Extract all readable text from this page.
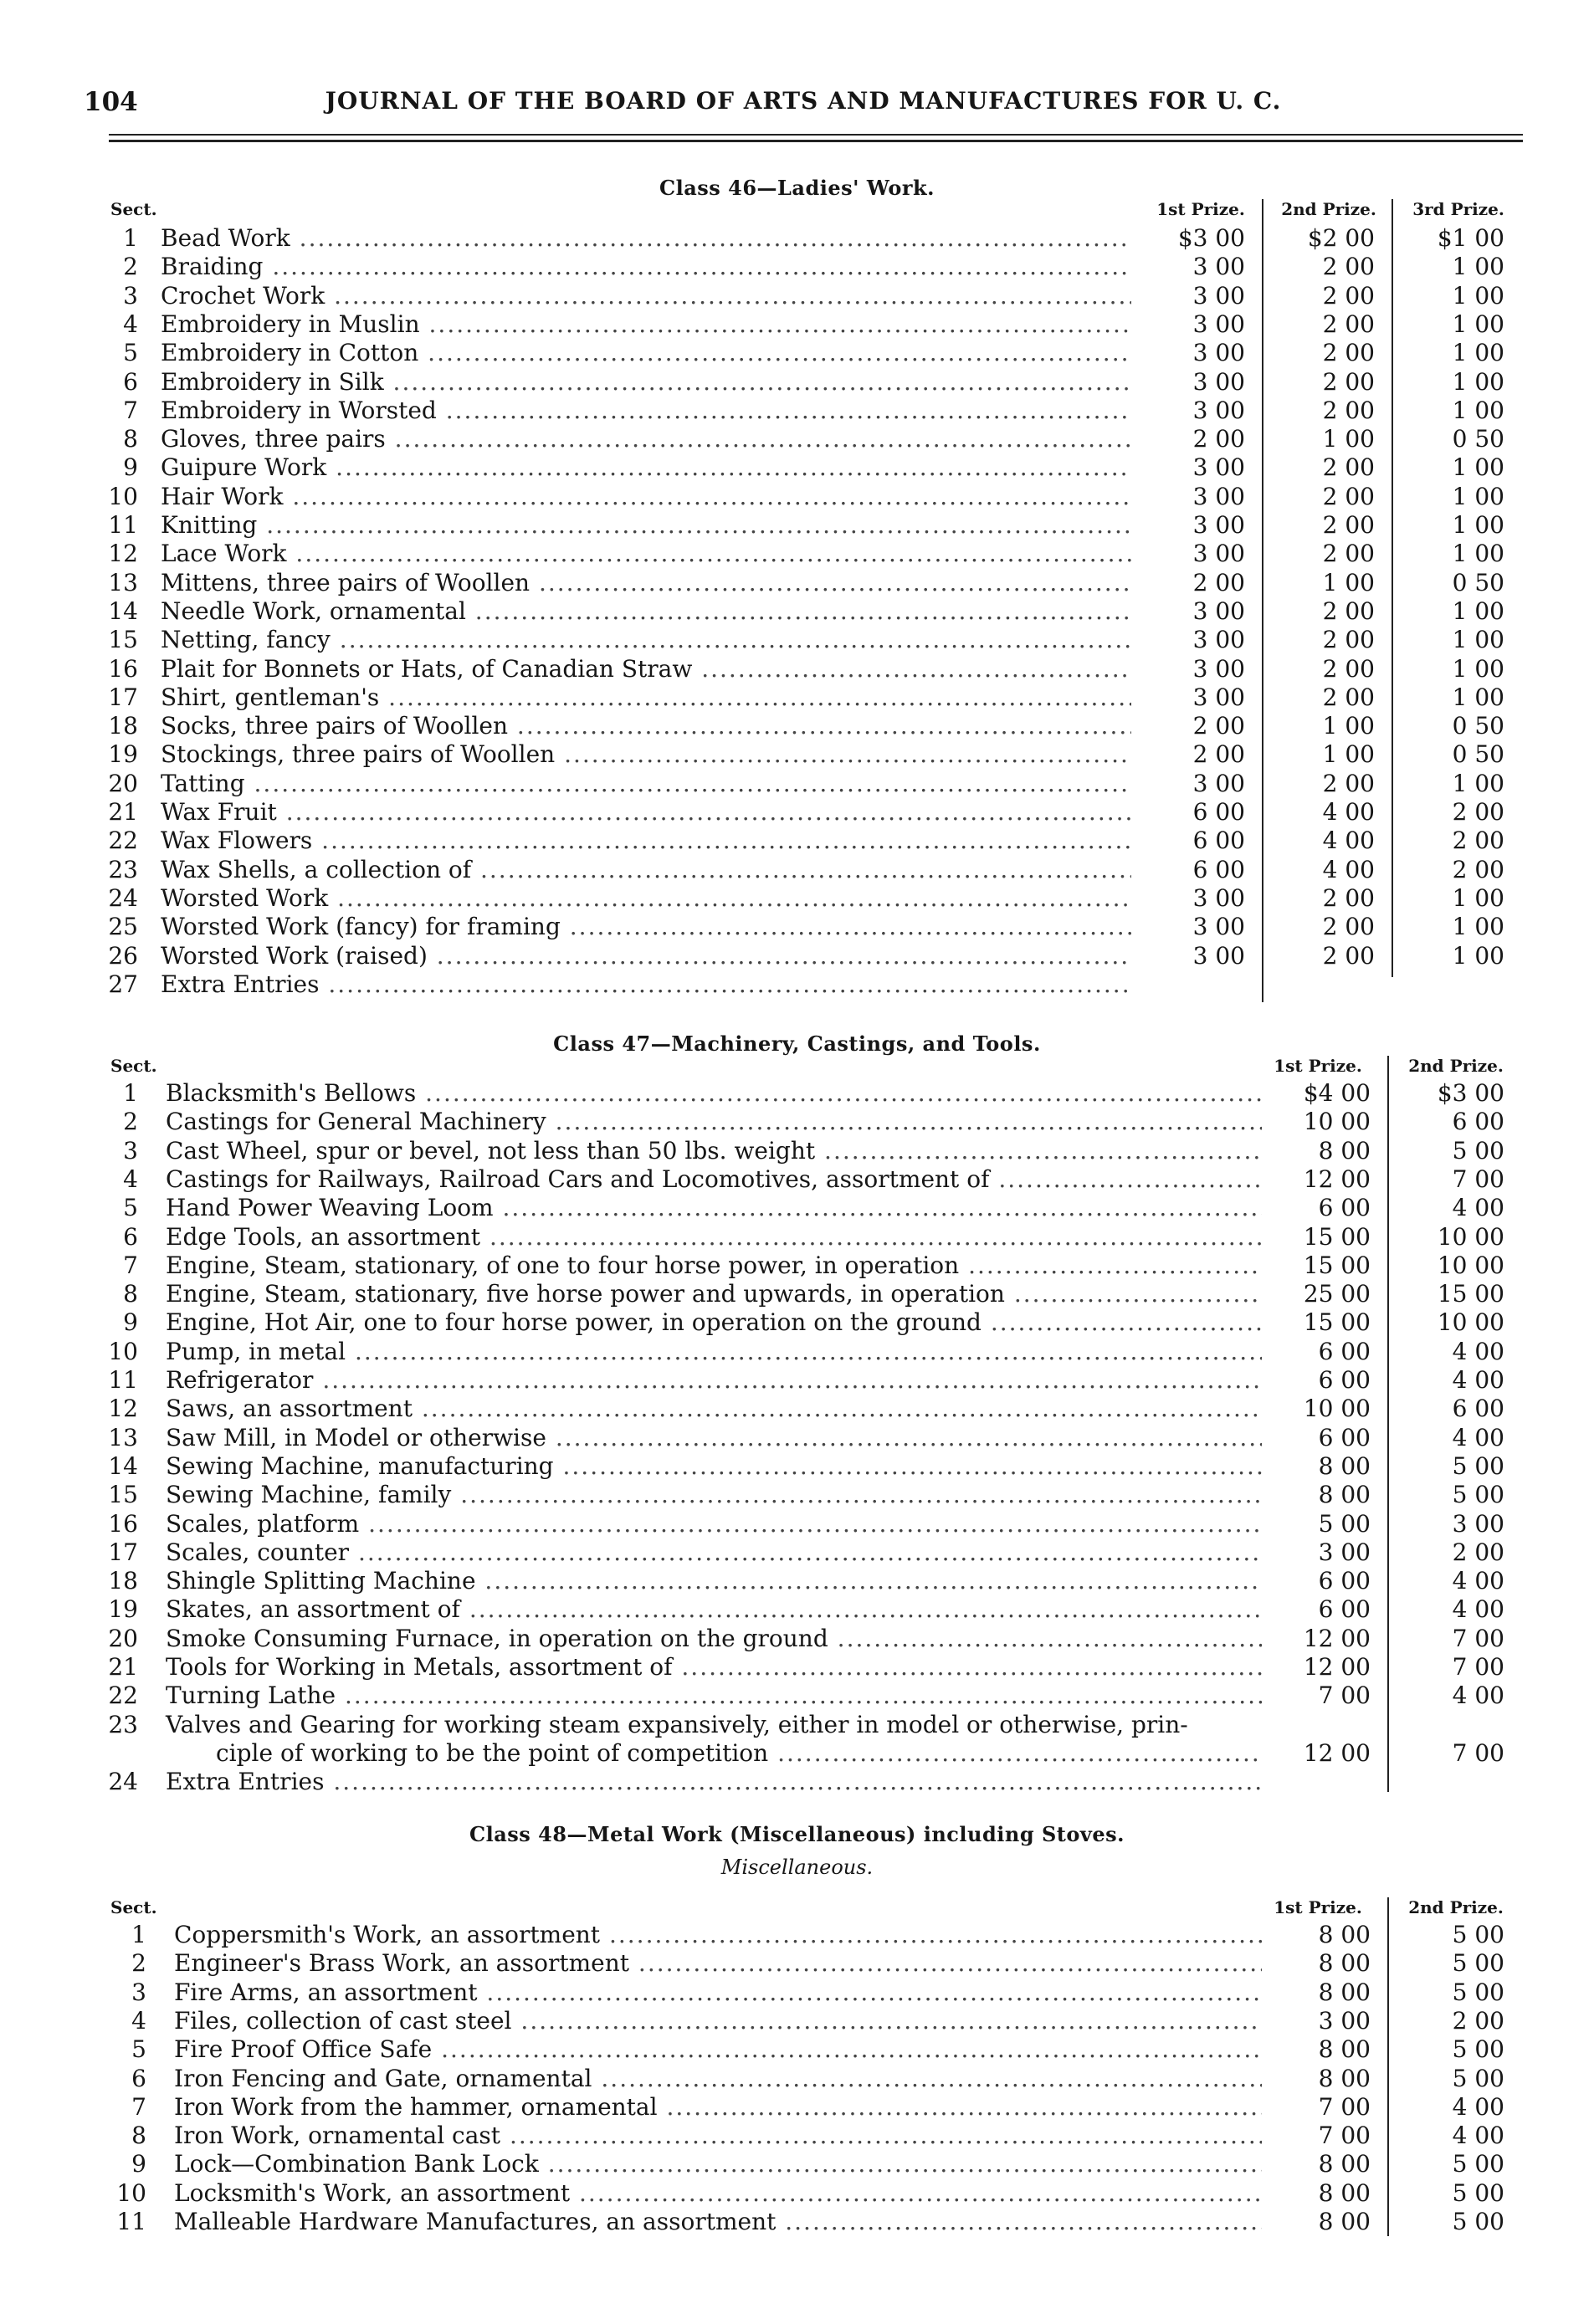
104	JOURNAL OF THE BOARD OF ARTS AND MANUFACTURES FOR U. C.
Class 46—Ladies' Work.
Sect.	1st Prize.	2nd Prize.	3rd Prize.
1 Bead Work .....	$3 00	$2 00	$1 00
2 Braiding .....	3 00	2 00	1 00
3 Crochet Work .....	3 00	2 00	1 00
4 Embroidery in Muslin .....	3 00	2 00	1 00
5 Embroidery in Cotton .....	3 00	2 00	1 00
6 Embroidery in Silk .....	3 00	2 00	1 00
7 Embroidery in Worsted .....	3 00	2 00	1 00
8 Gloves, three pairs .....	2 00	1 00	0 50
9 Guipure Work .....	3 00	2 00	1 00
10 Hair Work .....	3 00	2 00	1 00
11 Knitting .....	3 00	2 00	1 00
12 Lace Work .....	3 00	2 00	1 00
13 Mittens, three pairs of Woollen .....	2 00	1 00	0 50
14 Needle Work, ornamental .....	3 00	2 00	1 00
15 Netting, fancy .....	3 00	2 00	1 00
16 Plait for Bonnets or Hats, of Canadian Straw .....	3 00	2 00	1 00
17 Shirt, gentleman's .....	3 00	2 00	1 00
18 Socks, three pairs of Woollen .....	2 00	1 00	0 50
19 Stockings, three pairs of Woollen .....	2 00	1 00	0 50
20 Tatting .....	3 00	2 00	1 00
21 Wax Fruit .....	6 00	4 00	2 00
22 Wax Flowers .....	6 00	4 00	2 00
23 Wax Shells, a collection of .....	6 00	4 00	2 00
24 Worsted Work .....	3 00	2 00	1 00
25 Worsted Work (fancy) for framing .....	3 00	2 00	1 00
26 Worsted Work (raised) .....	3 00	2 00	1 00
27 Extra Entries .....
Class 47—Machinery, Castings, and Tools.
Sect.	1st Prize.	2nd Prize.
1 Blacksmith's Bellows .....	$4 00	$3 00
2 Castings for General Machinery .....	10 00	6 00
3 Cast Wheel, spur or bevel, not less than 50 lbs. weight .....	8 00	5 00
4 Castings for Railways, Railroad Cars and Locomotives, assortment of .....	12 00	7 00
5 Hand Power Weaving Loom .....	6 00	4 00
6 Edge Tools, an assortment .....	15 00	10 00
7 Engine, Steam, stationary, of one to four horse power, in operation .....	15 00	10 00
8 Engine, Steam, stationary, five horse power and upwards, in operation .....	25 00	15 00
9 Engine, Hot Air, one to four horse power, in operation on the ground .....	15 00	10 00
10 Pump, in metal .....	6 00	4 00
11 Refrigerator .....	6 00	4 00
12 Saws, an assortment .....	10 00	6 00
13 Saw Mill, in Model or otherwise .....	6 00	4 00
14 Sewing Machine, manufacturing .....	8 00	5 00
15 Sewing Machine, family .....	8 00	5 00
16 Scales, platform .....	5 00	3 00
17 Scales, counter .....	3 00	2 00
18 Shingle Splitting Machine .....	6 00	4 00
19 Skates, an assortment of .....	6 00	4 00
20 Smoke Consuming Furnace, in operation on the ground .....	12 00	7 00
21 Tools for Working in Metals, assortment of .....	12 00	7 00
22 Turning Lathe .....	7 00	4 00
23 Valves and Gearing for working steam expansively, either in model or otherwise, prin-
ciple of working to be the point of competition .....	12 00	7 00
24 Extra Entries .....
Class 48—Metal Work (Miscellaneous) including Stoves.
Miscellaneous.
Sect.	1st Prize.	2nd Prize.
1 Coppersmith's Work, an assortment .....	8 00	5 00
2 Engineer's Brass Work, an assortment .....	8 00	5 00
3 Fire Arms, an assortment .....	8 00	5 00
4 Files, collection of cast steel .....	3 00	2 00
5 Fire Proof Office Safe .....	8 00	5 00
6 Iron Fencing and Gate, ornamental .....	8 00	5 00
7 Iron Work from the hammer, ornamental .....	7 00	4 00
8 Iron Work, ornamental cast .....	7 00	4 00
9 Lock—Combination Bank Lock .....	8 00	5 00
10 Locksmith's Work, an assortment .....	8 00	5 00
11 Malleable Hardware Manufactures, an assortment .....	8 00	5 00
